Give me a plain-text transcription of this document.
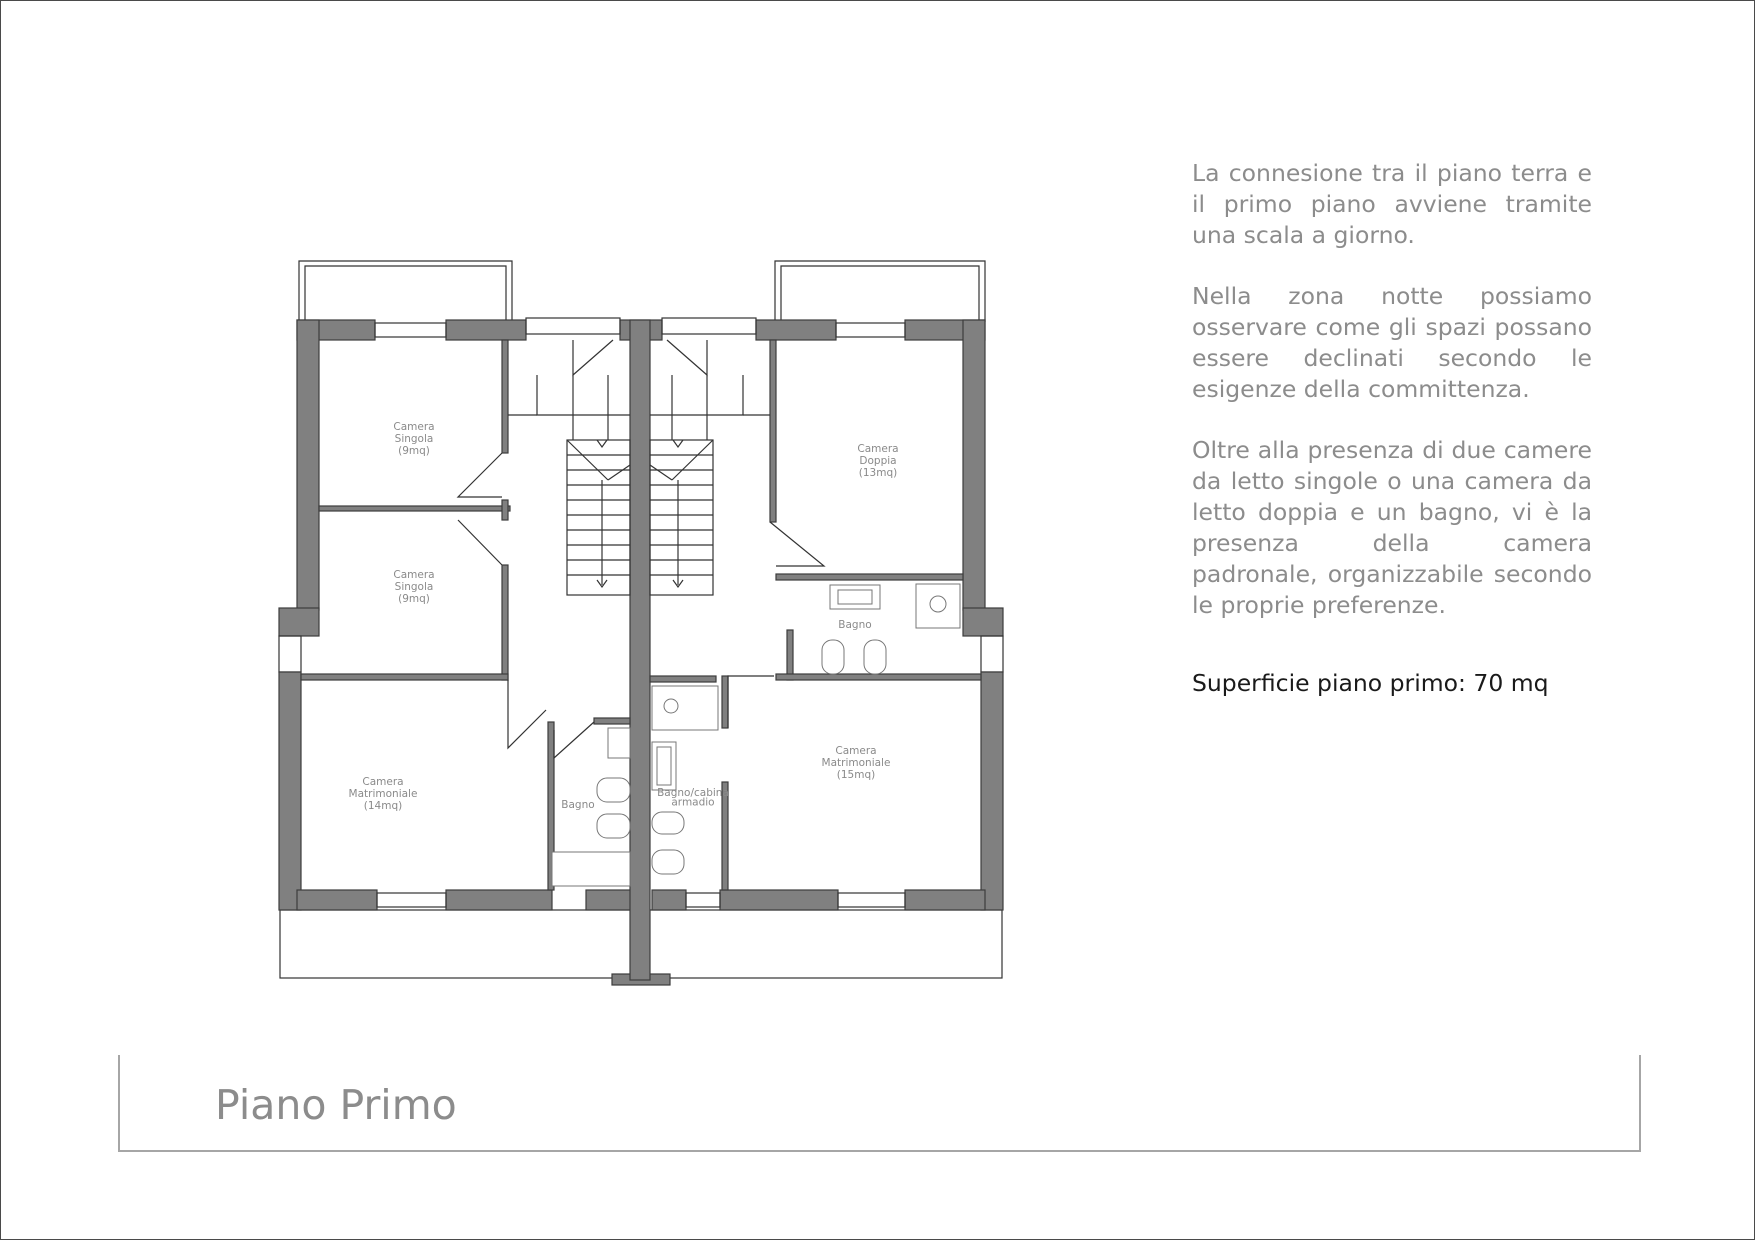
Camera Singola (9mq)
Camera Singola (9mq)
Camera Matrimoniale (14mq)	Bagno
Camera Doppia (13mq)
Bagno
Bagno/cabina armadio
Camera Matrimoniale (15mq)

La connesione tra il piano terra e il primo piano avviene tramite una scala a giorno.

Nella zona notte possiamo osservare come gli spazi possano essere declinati secondo le esigenze della committenza.

Oltre alla presenza di due camere da letto singole o una camera da letto doppia e un bagno, vi è la presenza della camera padronale, organizzabile secondo le proprie preferenze.

Superficie piano primo: 70 mq
Piano Primo
